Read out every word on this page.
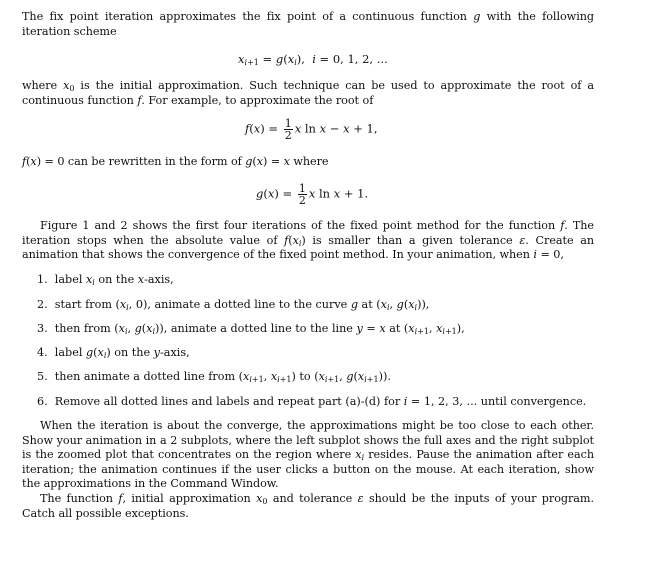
The fix point iteration approximates the fix point of a continuous function g with the following iteration scheme
$x_{i+1} = g(x_i)$,  i = 0, 1, 2, ...
where $x_0$ is the initial approximation. Such technique can be used to approximate the root of a continuous function f. For example, to approximate the root of
$f(x) = \frac{1}{2}$ x ln x − x + 1,
f(x) = 0 can be rewritten in the form of g(x) = x where
$g(x) = \frac{1}{2}$ x ln x + 1.
Figure 1 and 2 shows the first four iterations of the fixed point method for the function f. The iteration stops when the absolute value of $f(x_i)$ is smaller than a given tolerance ε. Create an animation that shows the convergence of the fixed point method. In your animation, when i = 0,
1.  label $x_i$ on the x-axis,
2.  start from ($x_i$, 0), animate a dotted line to the curve g at ($x_i$, $g(x_i)$),
3.  then from ($x_i$, $g(x_i)$), animate a dotted line to the line y = x at ($x_{i+1}$, $x_{i+1}$),
4.  label $g(x_i)$ on the y-axis,
5.  then animate a dotted line from ($x_{i+1}$, $x_{i+1}$) to ($x_{i+1}$, $g(x_{i+1})$).
6.  Remove all dotted lines and labels and repeat part (a)-(d) for i = 1, 2, 3, ... until convergence.
When the iteration is about the converge, the approximations might be too close to each other. Show your animation in a 2 subplots, where the left subplot shows the full axes and the right subplot is the zoomed plot that concentrates on the region where $x_i$ resides. Pause the animation after each iteration; the animation continues if the user clicks a button on the mouse. At each iteration, show the approximations in the Command Window.
The function f, initial approximation $x_0$ and tolerance ε should be the inputs of your program. Catch all possible exceptions.
